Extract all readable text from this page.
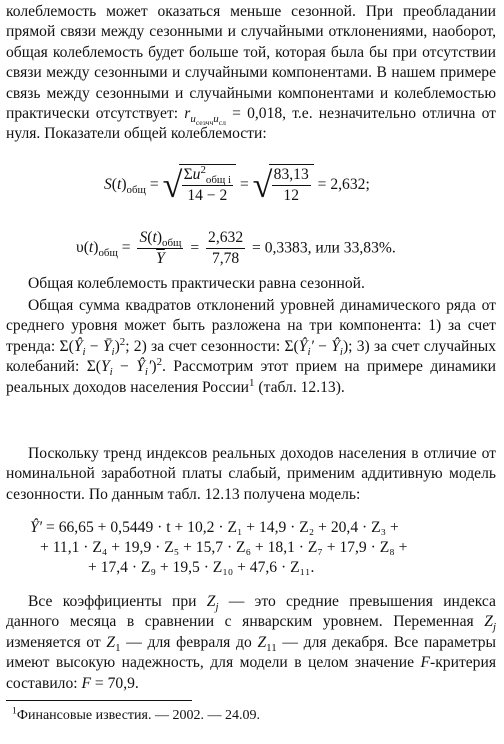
колеблемость может оказаться меньше сезонной. При преобладании прямой связи между сезонными и случайными отклонениями, наоборот, общая колеблемость будет больше той, которая была бы при отсутствии связи между сезонными и случайными компонентами. В нашем примере связь между сезонными и случайными компонентами и колеблемостью практически отсутствует: $r_{u_{сезчч}u_{сл}} = 0,018$, т.е. незначительно отлична от нуля. Показатели общей колеблемости:

$S(t)_{общ}$ = √ $\frac{\Sigma u^2_{общ i}}{14 - 2}$ = √ $\frac{83,13}{12} = 2,632$;
$\upsilon(t)_{общ} = \frac{S(t)_{общ}}{Y} = \frac{2,632}{7,78} = 0,3383$, или 33,83%.

Общая колеблемость практически равна сезонной.

Общая сумма квадратов отклонений уровней динамического ряда от среднего уровня может быть разложена на три компонента: 1) за счет тренда: $\Sigma(Ŷ_i$ − $Ȳ_i)^2$; 2) за счет сезонности: $\Sigma(Ŷ_i'$ − $Ŷ_i$); 3) за счет случайных колебаний: $\Sigma(Y_i$ − $Ŷ_i')^2$. Рассмотрим этот прием на примере динамики реальных доходов населения России$^1$ (табл. 12.13).

Поскольку тренд индексов реальных доходов населения в отличие от номинальной заработной платы слабый, применим аддитивную модель сезонности. По данным табл. 12.13 получена модель:

Ŷ′ = 66,65 + 0,5449 · t + 10,2 · Z₁ + 14,9 · Z₂ + 20,4 · Z₃ +
+ 11,1 · Z₄ + 19,9 · Z₅ + 15,7 · Z₆ + 18,1 · Z₇ + 17,9 · Z₈ +
+ 17,4 · Z₉ + 19,5 · Z₁₀ + 47,6 · Z₁₁.

Все коэффициенты при $Z_j$ — это средние превышения индекса данного месяца в сравнении с январским уровнем. Переменная $Z_j$ изменяется от $Z_1$ — для февраля до $Z_{11}$ — для декабря. Все параметры имеют высокую надежность, для модели в целом значение F-критерия составило: F = 70,9.

$^1$Финансовые известия. — 2002. — 24.09.
